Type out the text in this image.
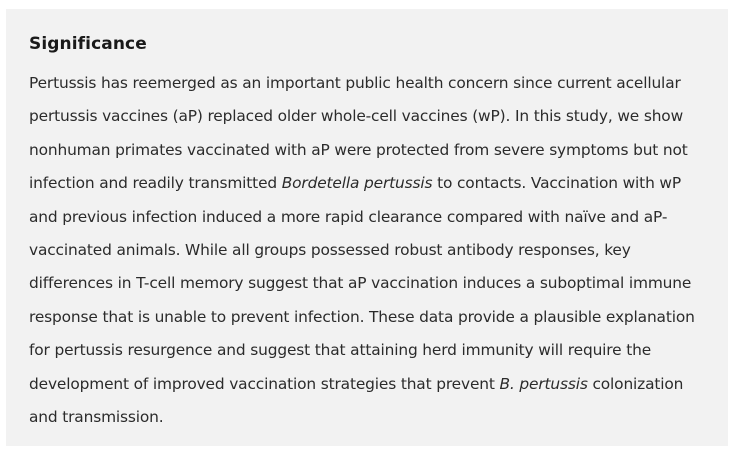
Significance

Pertussis has reemerged as an important public health concern since current acellular pertussis vaccines (aP) replaced older whole-cell vaccines (wP). In this study, we show nonhuman primates vaccinated with aP were protected from severe symptoms but not infection and readily transmitted Bordetella pertussis to contacts. Vaccination with wP and previous infection induced a more rapid clearance compared with naïve and aP-vaccinated animals. While all groups possessed robust antibody responses, key differences in T-cell memory suggest that aP vaccination induces a suboptimal immune response that is unable to prevent infection. These data provide a plausible explanation for pertussis resurgence and suggest that attaining herd immunity will require the development of improved vaccination strategies that prevent B. pertussis colonization and transmission.
